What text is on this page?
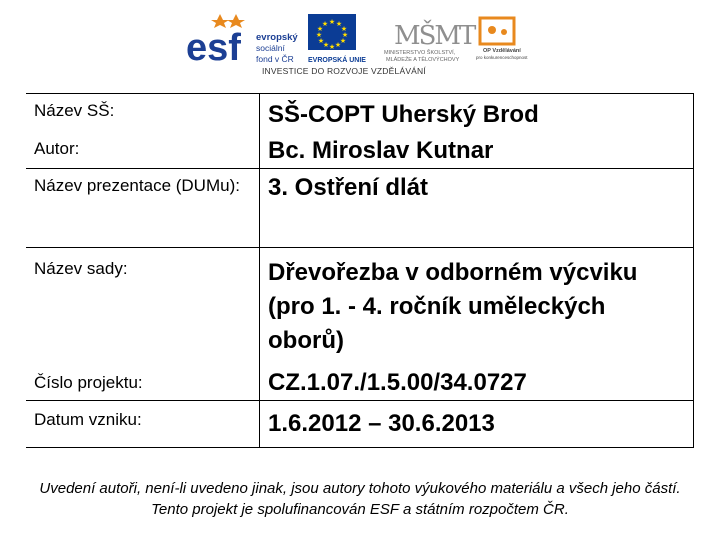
esf evropský
sociální
fond v ČR
★ ★
★
★
★
★
★
★
★
★
★
★
EVROPSKÁ UNIE
MŠMT
MINISTERSTVO ŠKOLSTVÍ,
MLÁDEŽE A TĚLOVÝCHOVY
OP Vzdělávání
pro konkurenceschopnost
INVESTICE DO ROZVOJE VZDĚLÁVÁNÍ
Název SŠ:	SŠ-COPT Uherský Brod
Autor:	Bc. Miroslav Kutnar
Název prezentace (DUMu):	3. Ostření dlát
Název sady:	Dřevořezba v odborném výcviku (pro 1. - 4. ročník uměleckých oborů)
Číslo projektu:	CZ.1.07./1.5.00/34.0727
Datum vzniku:	1.6.2012 – 30.6.2013
Uvedení autoři, není-li uvedeno jinak, jsou autory tohoto výukového materiálu a všech jeho částí. Tento projekt je spolufinancován ESF a státním rozpočtem ČR.
